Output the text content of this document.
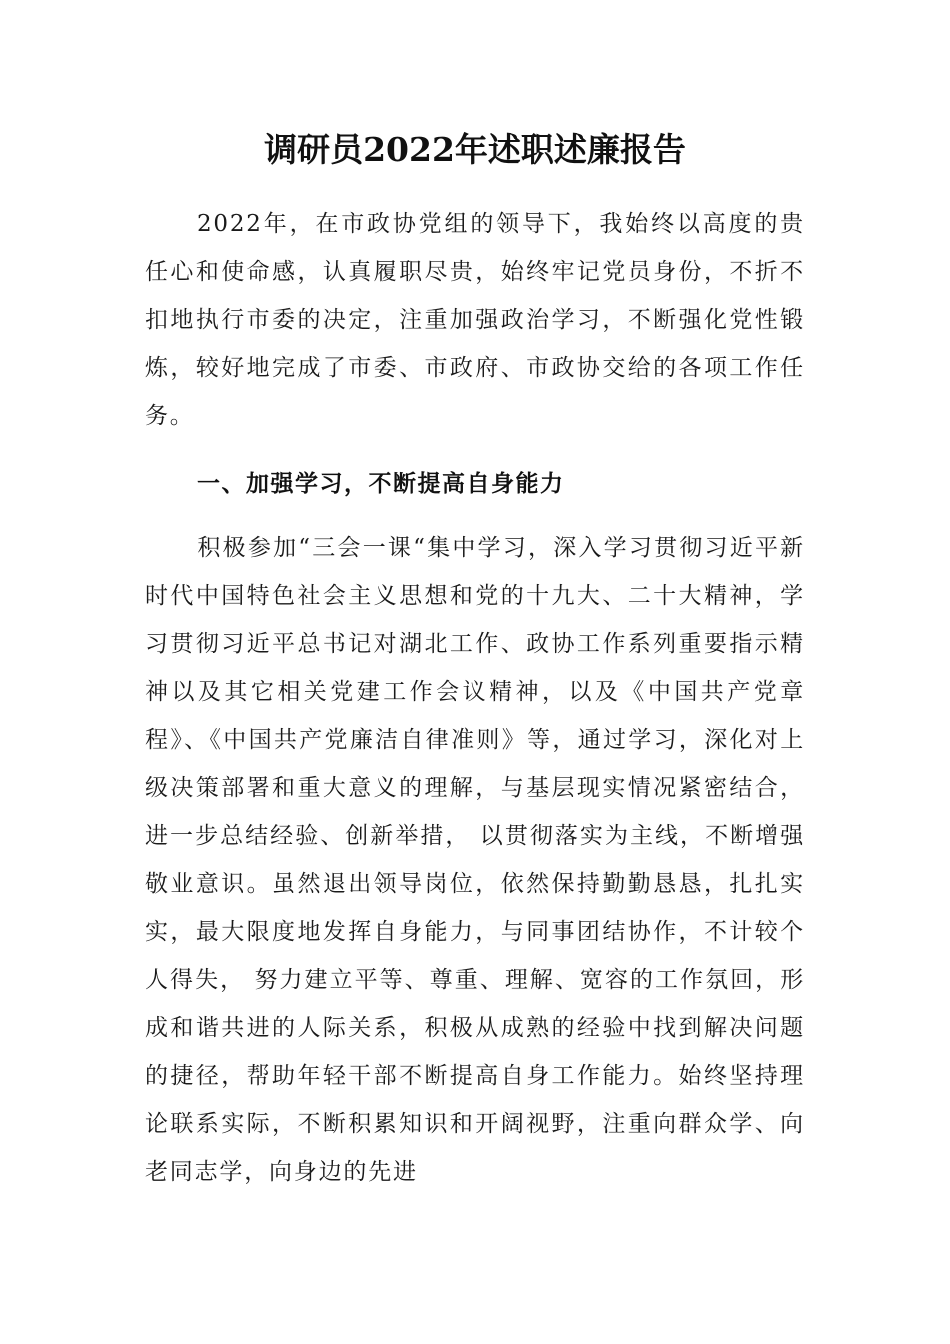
调研员2022年述职述廉报告

2022年，在市政协党组的领导下，我始终以高度的贵任心和使命感，认真履职尽贵，始终牢记党员身份，不折不扣地执行市委的决定，注重加强政治学习，不断强化党性锻炼，较好地完成了市委、市政府、市政协交给的各项工作任务。

一、加强学习，不断提高自身能力

积极参加“三会一课“集中学习，深入学习贯彻习近平新时代中国特色社会主义思想和党的十九大、二十大精神，学习贯彻习近平总书记对湖北工作、政协工作系列重要指示精神以及其它相关党建工作会议精神，以及《中国共产党章程》、《中国共产党廉洁自律准则》等，通过学习，深化对上级决策部署和重大意义的理解，与基层现实情况紧密结合，进一步总结经验、创新举措， 以贯彻落实为主线，不断增强敬业意识。虽然退出领导岗位，依然保持勤勤恳恳，扎扎实实，最大限度地发挥自身能力，与同事团结协作，不计较个人得失， 努力建立平等、尊重、理解、宽容的工作氛回，形成和谐共进的人际关系，积极从成熟的经验中找到解决问题的捷径，帮助年轻干部不断提高自身工作能力。始终坚持理论联系实际，不断积累知识和开阔视野，注重向群众学、向老同志学，向身边的先进
